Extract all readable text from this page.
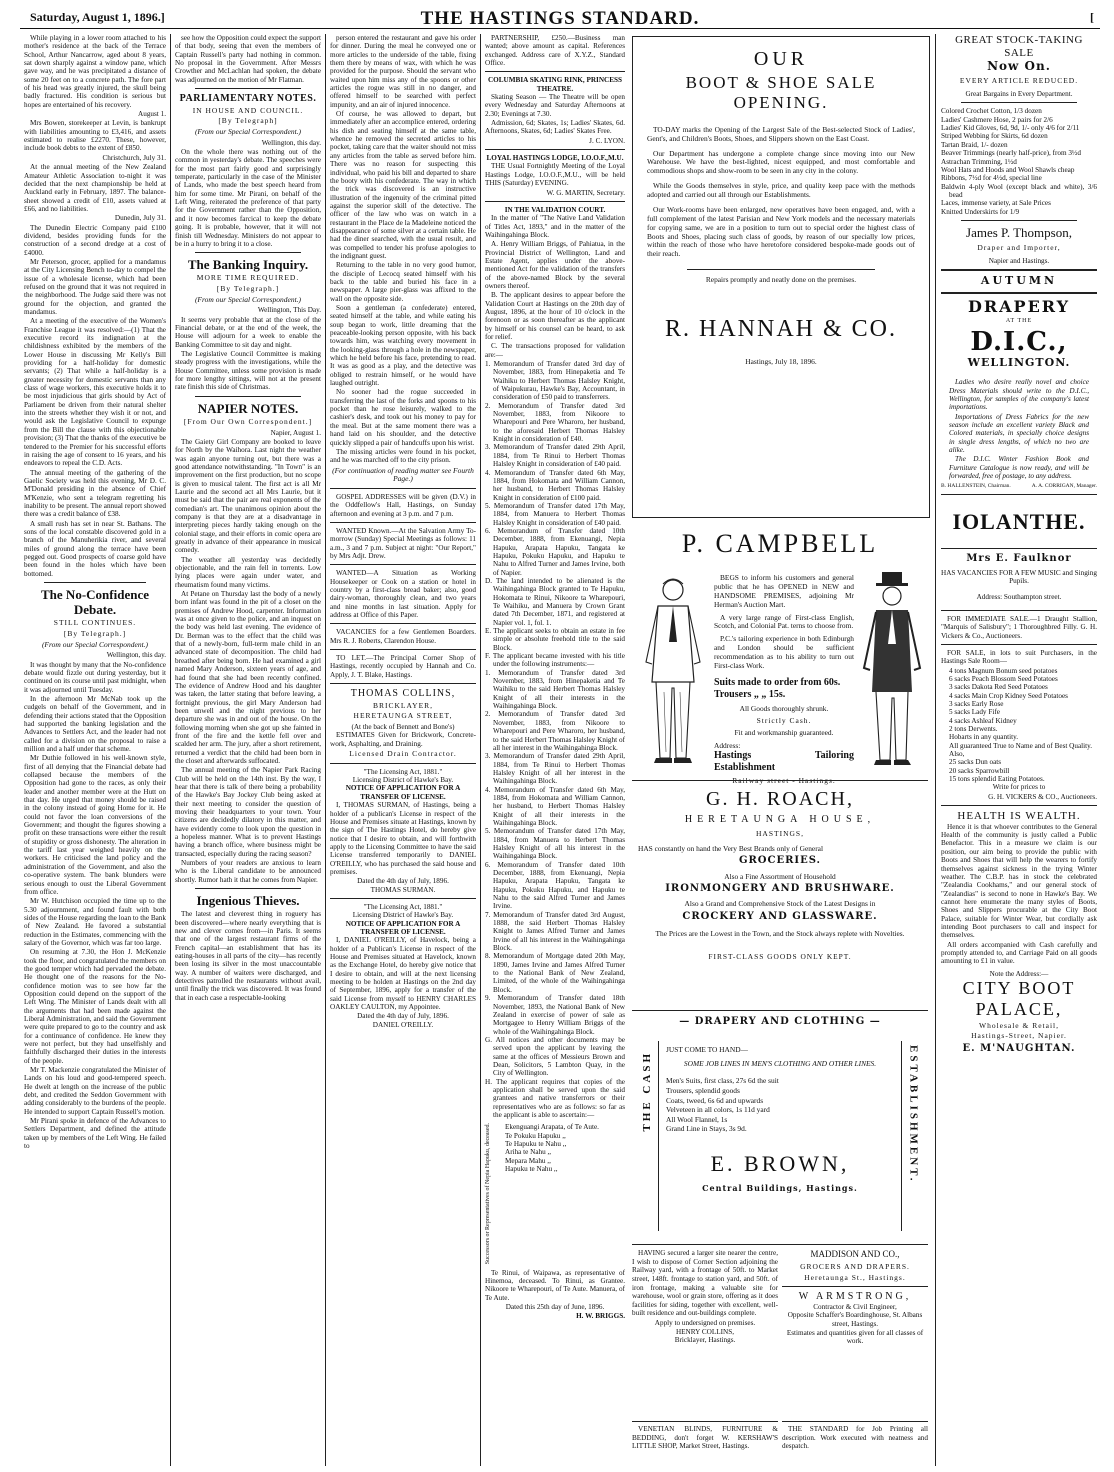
Saturday, August 1, 1896.]	THE HASTINGS STANDARD.	[

While playing in a lower room attached to his mother's residence at the back of the Terrace School, Arthur Nancarrow, aged about 8 years, sat down sharply against a window pane, which gave way, and he was precipitated a distance of some 20 feet on to a concrete path. The fore part of his head was greatly injured, the skull being badly fractured. His condition is serious but hopes are entertained of his recovery.

August 1.

Mrs Bowen, storekeeper at Levin, is bankrupt with liabilities amounting to £3,416, and assets estimated to realise £2270. These, however, include book debts to the extent of £850.

Christchurch, July 31.

At the annual meeting of the New Zealand Amateur Athletic Association to-night it was decided that the next championship be held at Auckland early in February, 1897. The balance-sheet showed a credit of £10, assets valued at £66, and no liabilities.

Dunedin, July 31.

The Dunedin Electric Company paid £100 dividend, besides providing funds for the construction of a second dredge at a cost of £4000.

Mr Peterson, grocer, applied for a mandamus at the City Licensing Bench to-day to compel the issue of a wholesale license, which had been refused on the ground that it was not required in the neighborhood. The Judge said there was not ground for the objection, and granted the mandamus.

At a meeting of the executive of the Women's Franchise League it was resolved:—(1) That the executive record its indignation at the childishness exhibited by the members of the Lower House in discussing Mr Kelly's Bill providing for a half-holiday for domestic servants; (2) That while a half-holiday is a greater necessity for domestic servants than any class of wage workers, this executive holds it to be most injudicious that girls should by Act of Parliament be driven from their natural shelter into the streets whether they wish it or not, and would ask the Legislative Council to expunge from the Bill the clause with this objectionable provision; (3) That the thanks of the executive be tendered to the Premier for his successful efforts in raising the age of consent to 16 years, and his endeavors to repeal the C.D. Acts.

The annual meeting of the gathering of the Gaelic Society was held this evening, Mr D. C. M'Donald presiding in the absence of Chief M'Kenzie, who sent a telegram regretting his inability to be present. The annual report showed there was a credit balance of £38.

A small rush has set in near St. Bathans. The sons of the local constable discovered gold in a branch of the Manuherikia river, and several miles of ground along the terrace have been pegged out. Good prospects of coarse gold have been found in the holes which have been bottomed.

The No-Confidence Debate.
STILL CONTINUES.
[By Telegraph.]
(From our Special Correspondent.)
Wellington, this day.

It was thought by many that the No-confidence debate would fizzle out during yesterday, but it continued on its course until past midnight, when it was adjourned until Tuesday.

In the afternoon Mr McNab took up the cudgels on behalf of the Government, and in defending their actions stated that the Opposition had supported the banking legislation and the Advances to Settlers Act, and the leader had not called for a division on the proposal to raise a million and a half under that scheme.

Mr Duthie followed in his well-known style, first of all denying that the Financial debate had collapsed because the members of the Opposition had gone to the races, as only their leader and another member were at the Hutt on that day. He urged that money should be raised in the colony instead of going Home for it. He could not favor the loan conversions of the Government; and thought the figures showing a profit on these transactions were either the result of stupidity or gross dishonesty. The alteration in the tariff last year weighed heavily on the workers. He criticised the land policy and the administration of the Government, and also the co-operative system. The bank blunders were serious enough to oust the Liberal Government from office.

Mr W. Hutchison occupied the time up to the 5.30 adjournment, and found fault with both sides of the House regarding the loan to the Bank of New Zealand. He favored a substantial reduction in the Estimates, commencing with the salary of the Governor, which was far too large.

On resuming at 7.30, the Hon J. McKenzie took the floor, and congratulated the members on the good temper which had pervaded the debate. He thought one of the reasons for the No-confidence motion was to see how far the Opposition could depend on the support of the Left Wing. The Minister of Lands dealt with all the arguments that had been made against the Liberal Administration, and said the Government were quite prepared to go to the country and ask for a continuance of confidence. He knew they were not perfect, but they had unselfishly and faithfully discharged their duties in the interests of the people.

Mr T. Mackenzie congratulated the Minister of Lands on his loud and good-tempered speech. He dwelt at length on the increase of the public debt, and credited the Seddon Government with adding considerably to the burdens of the people. He intended to support Captain Russell's motion.

Mr Pirani spoke in defence of the Advances to Settlers Department, and defined the attitude taken up by members of the Left Wing. He failed to

see how the Opposition could expect the support of that body, seeing that even the members of Captain Russell's party had nothing in common. No proposal in the Government. After Messrs Crowther and McLachlan had spoken, the debate was adjourned on the motion of Mr Flatman.

PARLIAMENTARY NOTES.
IN HOUSE AND COUNCIL.
[By Telegraph]
(From our Special Correspondent.)
Wellington, this day.

On the whole there was nothing out of the common in yesterday's debate. The speeches were for the most part fairly good and surprisingly temperate, particularly in the case of the Minister of Lands, who made the best speech heard from him for some time. Mr Pirani, on behalf of the Left Wing, reiterated the preference of that party for the Government rather than the Opposition, and it now becomes farcical to keep the debate going. It is probable, however, that it will not finish till Wednesday. Ministers do not appear to be in a hurry to bring it to a close.

The Banking Inquiry.
MORE TIME REQUIRED.
[By Telegraph.]
(From our Special Correspondent.)
Wellington, This Day.

It seems very probable that at the close of the Financial debate, or at the end of the week, the House will adjourn for a week to enable the Banking Committee to sit day and night.

The Legislative Council Committee is making steady progress with the investigations, while the House Committee, unless some provision is made for more lengthy sittings, will not at the present rate finish this side of Christmas.

NAPIER NOTES.
[From Our Own Correspondent.]
Napier, August 1.

The Gaiety Girl Company are booked to leave for North by the Waihora. Last night the weather was again anyone turning out, but there was a good attendance notwithstanding. "In Town" is an improvement on the first production, but no scope is given to musical talent. The first act is all Mr Laurie and the second act all Mrs Laurie, but it must be said that the pair are real exponents of the comedian's art. The unanimous opinion about the company is that they are at a disadvantage in interpreting pieces hardly taking enough on the colonial stage, and their efforts in comic opera are greatly in advance of their appearance in musical comedy.

The weather all yesterday was decidedly objectionable, and the rain fell in torrents. Low lying places were again under water, and rheumatism found many victims.

At Petane on Thursday last the body of a newly born infant was found in the pit of a closet on the premises of Andrew Hood, carpenter. Information was at once given to the police, and an inquest on the body was held last evening. The evidence of Dr. Berman was to the effect that the child was that of a newly-born, full-term male child in an advanced state of decomposition. The child had breathed after being born. He had examined a girl named Mary Anderson, sixteen years of age, and had found that she had been recently confined. The evidence of Andrew Hood and his daughter was taken, the latter stating that before leaving, a fortnight previous, the girl Mary Anderson had been unwell and the night previous to her departure she was in and out of the house. On the following morning when she got up she fainted in front of the fire and the kettle fell over and scalded her arm. The jury, after a short retirement, returned a verdict that the child had been born in the closet and afterwards suffocated.

The annual meeting of the Napier Park Racing Club will be held on the 14th inst. By the way, I hear that there is talk of there being a probability of the Hawke's Bay Jockey Club being asked at their next meeting to consider the question of moving their headquarters to your town. Your citizens are decidedly dilatory in this matter, and have evidently come to look upon the question in a hopeless manner. What is to prevent Hastings having a branch office, where business might be transacted, especially during the racing season?

Numbers of your readers are anxious to learn who is the Liberal candidate to be announced shortly. Rumor hath it that he comes from Napier.

Ingenious Thieves.

The latest and cleverest thing in roguery has been discovered—where nearly everything that is new and clever comes from—in Paris. It seems that one of the largest restaurant firms of the French capital—an establishment that has its eating-houses in all parts of the city—has recently been losing its silver in the most unaccountable way. A number of waiters were discharged, and detectives patrolled the restaurants without avail, until finally the trick was discovered. It was found that in each case a respectable-looking

person entered the restaurant and gave his order for dinner. During the meal he conveyed one or more articles to the underside of the table, fixing them there by means of wax, with which he was provided for the purpose. Should the servant who waited upon him miss any of the spoons or other articles the rogue was still in no danger, and offered himself to be searched with perfect impunity, and an air of injured innocence.

Of course, he was allowed to depart, but immediately after an accomplice entered, ordering his dish and seating himself at the same table, whence he removed the secreted articles to his pocket, taking care that the waiter should not miss any articles from the table as served before him. There was no reason for suspecting this individual, who paid his bill and departed to share the booty with his confederate. The way in which the trick was discovered is an instructive illustration of the ingenuity of the criminal pitted against the superior skill of the detective. The officer of the law who was on watch in a restaurant in the Place de la Madeleine noticed the disappearance of some silver at a certain table. He had the diner searched, with the usual result, and was compelled to tender his profuse apologies to the indignant guest.

Returning to the table in no very good humor, the disciple of Lecocq seated himself with his back to the table and buried his face in a newspaper. A large pier-glass was affixed to the wall on the opposite side.

Soon a gentleman (a confederate) entered, seated himself at the table, and while eating his soup began to work, little dreaming that the peaceable-looking person opposite, with his back towards him, was watching every movement in the looking-glass through a hole in the newspaper, which he held before his face, pretending to read. It was as good as a play, and the detective was obliged to restrain himself, or he would have laughed outright.

No sooner had the rogue succeeded in transferring the last of the forks and spoons to his pocket than he rose leisurely, walked to the cashier's desk, and took out his money to pay for the meal. But at the same moment there was a hand laid on his shoulder, and the detective quickly slipped a pair of handcuffs upon his wrist.

The missing articles were found in his pocket, and he was marched off to the city prison.

(For continuation of reading matter see Fourth Page.)

GOSPEL ADDRESSES will be given (D.V.) in the Oddfellow's Hall, Hastings, on Sunday afternoon and evening at 3 p.m. and 7 p.m.

WANTED Known.—At the Salvation Army To-morrow (Sunday) Special Meetings as follows: 11 a.m., 3 and 7 p.m. Subject at night: "Our Report," by Mrs Adjt. Drew.

WANTED—A Situation as Working Housekeeper or Cook on a station or hotel in country by a first-class bread baker; also, good dairy-woman, thoroughly clean, and two years and nine months in last situation. Apply for address at Office of this Paper.

VACANCIES for a few Gentlemen Boarders. Mrs R. J. Roberts, Clarendon House.

TO LET.—The Principal Corner Shop of Hastings, recently occupied by Hannah and Co. Apply, J. T. Blake, Hastings.

THOMAS COLLINS,
BRICKLAYER,
HERETAUNGA STREET,
(At the back of Bennett and Bone's)

ESTIMATES Given for Brickwork, Concrete-work, Asphalting, and Draining.

Licensed Drain Contractor.
"The Licensing Act, 1881."
Licensing District of Hawke's Bay.
NOTICE OF APPLICATION FOR A TRANSFER OF LICENSE.

I, THOMAS SURMAN, of Hastings, being a holder of a publican's License in respect of the House and Premises situate at Hastings, known by the sign of The Hastings Hotel, do hereby give notice that I desire to obtain, and will forthwith apply to the Licensing Committee to have the said License transferred temporarily to DANIEL O'REILLY, who has purchased the said house and premises.

Dated the 4th day of July, 1896.
THOMAS SURMAN.
"The Licensing Act, 1881."
Licensing District of Hawke's Bay.
NOTICE OF APPLICATION FOR A TRANSFER OF LICENSE.

I, DANIEL O'REILLY, of Havelock, being a holder of a Publican's License in respect of the House and Premises situated at Havelock, known as the Exchange Hotel, do hereby give notice that I desire to obtain, and will at the next licensing meeting to be holden at Hastings on the 2nd day of September, 1896, apply for a transfer of the said License from myself to HENRY CHARLES OAKLEY CAULTON, my Appointee.

Dated the 4th day of July, 1896.
DANIEL O'REILLY.

PARTNERSHIP, £250.—Business man wanted; above amount as capital. References exchanged. Address care of X.Y.Z., Standard Office.

COLUMBIA SKATING RINK, PRINCESS THEATRE.

Skating Season — The Theatre will be open every Wednesday and Saturday Afternoons at 2.30; Evenings at 7.30.

Admission, 6d; Skates, 1s; Ladies' Skates, 6d. Afternoons, Skates, 6d; Ladies' Skates Free.

J. C. LYON.
LOYAL HASTINGS LODGE, I.O.O.F.,M.U.

THE Usual Fortnightly Meeting of the Loyal Hastings Lodge, I.O.O.F.,M.U., will be held THIS (Saturday) EVENING.

W. G. MARTIN, Secretary.
IN THE VALIDATION COURT.

In the matter of "The Native Land Validation of Titles Act, 1893," and in the matter of the Waihingahinga Block.

A. Henry William Briggs, of Pahiatua, in the Provincial District of Wellington, Land and Estate Agent, applies under the above-mentioned Act for the validation of the transfers of the above-named Block by the several owners thereof.

B. The applicant desires to appear before the Validation Court at Hastings on the 20th day of August, 1896, at the hour of 10 o'clock in the forenoon or as soon thereafter as the applicant by himself or his counsel can be heard, to ask for relief.

C. The transactions proposed for validation are:—

1. Memorandum of Transfer dated 3rd day of November, 1883, from Hinepaketia and Te Waihiku to Herbert Thomas Halsley Knight, of Waipukurau, Hawke's Bay, Accountant, in consideration of £50 paid to transferrers.
2. Memorandum of Transfer dated 3rd November, 1883, from Nikoore to Wharepouri and Pere Wharoro, her husband, to the aforesaid Herbert Thomas Halsley Knight in consideration of £40.
3. Memorandum of Transfer dated 29th April, 1884, from Te Rinui to Herbert Thomas Halsley Knight in consideration of £40 paid.
4. Memorandum of Transfer dated 6th May, 1884, from Hokomata and William Cannon, her husband, to Herbert Thomas Halsley Knight in consideration of £100 paid.
5. Memorandum of Transfer dated 17th May, 1884, from Manuera to Herbert Thomas Halsley Knight in consideration of £40 paid.
6. Memorandum of Transfer dated 10th December, 1888, from Ekenuangi, Nepia Hapuku, Arapata Hapuku, Tangata ke Hapuku, Pokuku Hapuku, and Hapuku te Nahu to Alfred Turner and James Irvine, both of Napier.
D. The land intended to be alienated is the Waihingahinga Block granted to Te Hapuku, Hokomata te Rinui, Nikoore ta Wharepouri, Te Waihiku, and Manuera by Crown Grant dated 7th December, 1871, and registered at Napier vol. 1, fol. 1.
E. The applicant seeks to obtain an estate in fee simple or absolute freehold title to the said Block.
F. The applicant became invested with his title under the following instruments:—
1. Memorandum of Transfer dated 3rd November, 1883, from Hinepaketia and Te Waihiku to the said Herbert Thomas Halsley Knight of all their interests in the Waihingahinga Block.
2. Memorandum of Transfer dated 3rd November, 1883, from Nikoore to Wharepouri and Pere Wharoro, her husband, to the said Herbert Thomas Halsley Knight of all her interest in the Waihingahinga Block.
3. Memorandum of Transfer dated 29th April, 1884, from Te Rinui to Herbert Thomas Halsley Knight of all her interest in the Waihingahinga Block.
4. Memorandum of Transfer dated 6th May, 1884, from Hokomata and William Cannon, her husband, to Herbert Thomas Halsley Knight of all their interests in the Waihingahinga Block.
5. Memorandum of Transfer dated 17th May, 1884, from Manuera to Herbert Thomas Halsley Knight of all his interest in the Waihingahinga Block.
6. Memorandum of Transfer dated 10th December, 1888, from Ekenuangi, Nepia Hapuku, Arapata Hapuku, Tangata ke Hapuku, Pokuku Hapuku, and Hapuku te Nahu to the said Alfred Turner and James Irvine.
7. Memorandum of Transfer dated 3rd August, 1888, the said Herbert Thomas Halsley Knight to James Alfred Turner and James Irvine of all his interest in the Waihingahinga Block.
8. Memorandum of Mortgage dated 20th May, 1890, James Irvine and James Alfred Turner to the National Bank of New Zealand, Limited, of the whole of the Waihingahinga Block.
9. Memorandum of Transfer dated 18th November, 1893, the National Bank of New Zealand in exercise of power of sale as Mortgagee to Henry William Briggs of the whole of the Waihingahinga Block.
G. All notices and other documents may be served upon the applicant by leaving the same at the offices of Messieurs Brown and Dean, Solicitors, 5 Lambton Quay, in the City of Wellington.
H. The applicant requires that copies of the application shall be served upon the said grantees and native transferrors or their representatives who are as follows: so far as the applicant is able to ascertain:—
Successors or Representatives of Nepia Hapuku, deceased.	Ekenguangi Arapata, of Te Aute.
Te Pokuku Hapuku ,,
Te Hapuku te Nahu ,,
Ariha te Nahu ,,
Mepara Mahu ,,
Hapuku te Nahu ,,

Te Rinui, of Waipawa, as representative of Hinemoa, deceased. To Rinui, as Grantee. Nikoore te Wharepouri, of Te Aute. Manuera, of Te Aute.

Dated this 25th day of June, 1896.
H. W. BRIGGS.
OUR
BOOT & SHOE SALE
OPENING.

TO-DAY marks the Opening of the Largest Sale of the Best-selected Stock of Ladies', Gent's, and Children's Boots, Shoes, and Slippers shown on the East Coast.

Our Department has undergone a complete change since moving into our New Warehouse. We have the best-lighted, nicest equipped, and most comfortable and commodious shops and show-room to be seen in any city in the colony.

While the Goods themselves in style, price, and quality keep pace with the methods adopted and carried out all through our Establishments.

Our Work-rooms have been enlarged, new operatives have been engaged, and, with a full complement of the latest Parisian and New York models and the necessary materials for copying same, we are in a position to turn out to special order the highest class of Boots and Shoes, placing such class of goods, by reason of our specially low prices, within the reach of those who have heretofore considered bespoke-made goods out of their reach.

Repairs promptly and neatly done on the premises.
R. HANNAH & CO.
Hastings, July 18, 1896.
P. CAMPBELL

BEGS to inform his customers and general public that he has OPENED in NEW and HANDSOME PREMISES, adjoining Mr Herman's Auction Mart.

A very large range of First-class English, Scotch, and Colonial Pat. terns to choose from.

P.C.'s tailoring experience in both Edinburgh and London should be sufficient recommendation as to his ability to turn out First-class Work.

Suits made to order from 60s.
Trousers „ „ 15s.
All Goods thoroughly shrunk.
Strictly Cash.
Fit and workmanship guaranteed.
Address:
Hastings Tailoring Establishment
Railway street - Hastings.
G. H. ROACH,
HERETAUNGA HOUSE,
HASTINGS,
HAS constantly on hand the Very Best Brands only of General
GROCERIES.
Also a Fine Assortment of Household
IRONMONGERY AND BRUSHWARE.
Also a Grand and Comprehensive Stock of the Latest Designs in
CROCKERY AND GLASSWARE.
The Prices are the Lowest in the Town, and the Stock always replete with Novelties.
FIRST-CLASS GOODS ONLY KEPT.
— DRAPERY AND CLOTHING —
THE CASH	ESTABLISHMENT.
JUST COME TO HAND—
SOME JOB LINES IN MEN'S CLOTHING AND OTHER LINES.
Men's Suits, first class, 27s 6d the suit
Trousers, splendid goods
Coats, tweed, 6s 6d and upwards
Velveteen in all colors, 1s 11d yard
All Wool Flannel, 1s
Grand Line in Stays, 3s 9d.
E. BROWN,
Central Buildings, Hastings.

HAVING secured a larger site nearer the centre, I wish to dispose of Corner Section adjoining the Railway yard, with a frontage of 50ft. to Market street, 148ft. frontage to station yard, and 50ft. of iron frontage, making a valuable site for warehouse, wool or grain store, offering as it does facilities for siding, together with excellent, well-built residence and out-buildings complete.

Apply to undersigned on premises.
HENRY COLLINS,
Bricklayer, Hastings.
MADDISON AND CO.,
GROCERS AND DRAPERS.
Heretaunga St., Hastings.
W ARMSTRONG,
Contractor & Civil Engineer,
Opposite Schaffer's Boardinghouse, St. Albans street, Hastings.
Estimates and quantities given for all classes of work.

VENETIAN BLINDS, FURNITURE & BEDDING, don't forget W. KERSHAW'S LITTLE SHOP, Market Street, Hastings.

THE STANDARD for Job Printing all description. Work executed with neatness and despatch.

GREAT STOCK-TAKING SALE
Now On.
EVERY ARTICLE REDUCED.
Great Bargains in Every Department.
Colored Crochet Cotton, 1/3 dozen
Ladies' Cashmere Hose, 2 pairs for 2/6
Ladies' Kid Gloves, 6d, 9d, 1/- only 4/6 for 2/11
Striped Webbing for Skirts, 6d dozen
Tartan Braid, 1/- dozen
Beaver Trimmings (nearly half-price), from 3½d
Astrachan Trimming, 1½d
Wool Hats and Hoods and Wool Shawls cheap
Ribbons, 7½d for 4½d, special line
Baldwin 4-ply Wool (except black and white), 3/6 bead
Laces, immense variety, at Sale Prices
Knitted Underskirts for 1/9
James P. Thompson,
Draper and Importer,
Napier and Hastings.
AUTUMN
DRAPERY
AT THE
D.I.C.,
WELLINGTON.

Ladies who desire really novel and choice Dress Materials should write to the D.I.C., Wellington, for samples of the company's latest importations.

Importations of Dress Fabrics for the new season include an excellent variety Black and Colored materials, in specially choice designs in single dress lengths, of which no two are alike.

The D.I.C. Winter Fashion Book and Furniture Catalogue is now ready, and will be forwarded, free of postage, to any address.

B. HALLENSTEIN, Chairman.	A. A. CORRIGAN, Manager.
IOLANTHE.
Mrs E. Faulknor
HAS VACANCIES FOR A FEW MUSIC and Singing Pupils.
Address: Southampton street.

FOR IMMEDIATE SALE.—1 Draught Stallion, "Marquis of Salisbury"; 1 Thoroughbred Filly. G. H. Vickers & Co., Auctioneers.

FOR SALE, in lots to suit Purchasers, in the Hastings Sale Room—

4 tons Magnum Bonum seed potatoes
6 sacks Peach Blossom Seed Potatoes
3 sacks Dakota Red Seed Potatoes
4 sacks Main Crop Kidney Seed Potatoes
3 sacks Early Rose
5 sacks Lady Fife
4 sacks Ashleaf Kidney
2 tons Derwents.
Hobarts in any quantity.
All guaranteed True to Name and of Best Quality.
Also,
25 sacks Dun oats
20 sacks Sparrowbill
15 tons splendid Eating Potatoes.
Write for prices to
G. H. VICKERS & CO., Auctioneers.
HEALTH IS WEALTH.

Hence it is that whoever contributes to the General Health of the community is justly called a Public Benefactor. This in a measure we claim is our position, our aim being to provide the public with Boots and Shoes that will help the wearers to fortify themselves against sickness in the trying Winter weather. The C.B.P. has in stock the celebrated "Zealandia Cookhams," and our general stock of "Zealandias" is second to none in Hawke's Bay. We cannot here enumerate the many styles of Boots, Shoes and Slippers procurable at the City Boot Palace, suitable for Winter Wear, but cordially ask intending Boot purchasers to call and inspect for themselves.

All orders accompanied with Cash carefully and promptly attended to, and Carriage Paid on all goods amounting to £1 in value.

Note the Address:—
CITY BOOT
PALACE,
Wholesale & Retail,
Hastings-Street, Napier.
E. M'NAUGHTAN.
